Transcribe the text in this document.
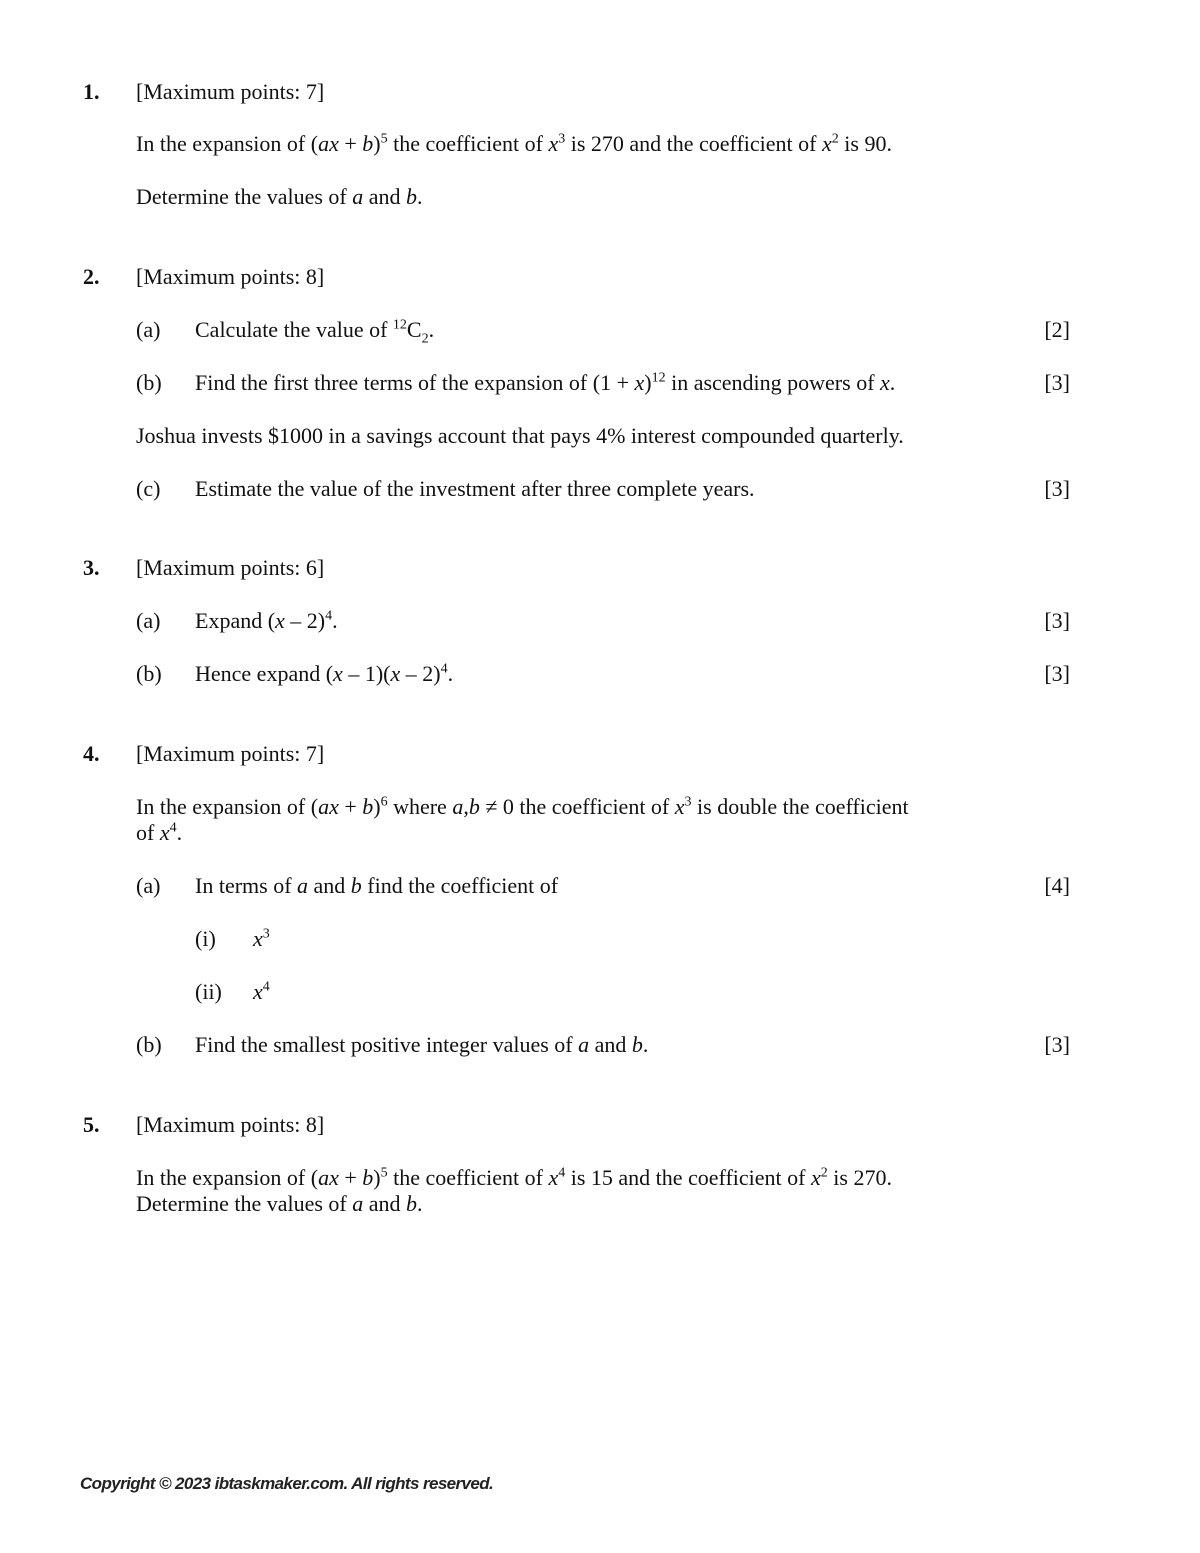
1. [Maximum points: 7]
In the expansion of (ax + b)$^5$ the coefficient of $x^3$ is 270 and the coefficient of $x^2$ is 90.
Determine the values of a and b.
2. [Maximum points: 8]
(a) Calculate the value of $^{12}C_2$.	[2]
(b) Find the first three terms of the expansion of $(1 + x)^{12}$ in ascending powers of x.	[3]
Joshua invests $1000 in a savings account that pays 4% interest compounded quarterly.
(c) Estimate the value of the investment after three complete years.	[3]
3. [Maximum points: 6]
(a) Expand (x – 2)$^4$.	[3]
(b) Hence expand (x – 1)(x – 2)$^4$.	[3]
4. [Maximum points: 7]
In the expansion of (ax + b)$^6$ where a,b ≠ 0 the coefficient of $x^3$ is double the coefficient
of $x^4$.
(a) In terms of a and b find the coefficient of	[4]
(i) $x^3$
(ii) $x^4$
(b) Find the smallest positive integer values of a and b.	[3]
5. [Maximum points: 8]
In the expansion of (ax + b)$^5$ the coefficient of $x^4$ is 15 and the coefficient of $x^2$ is 270.
Determine the values of a and b.
Copyright © 2023 ibtaskmaker.com. All rights reserved.
